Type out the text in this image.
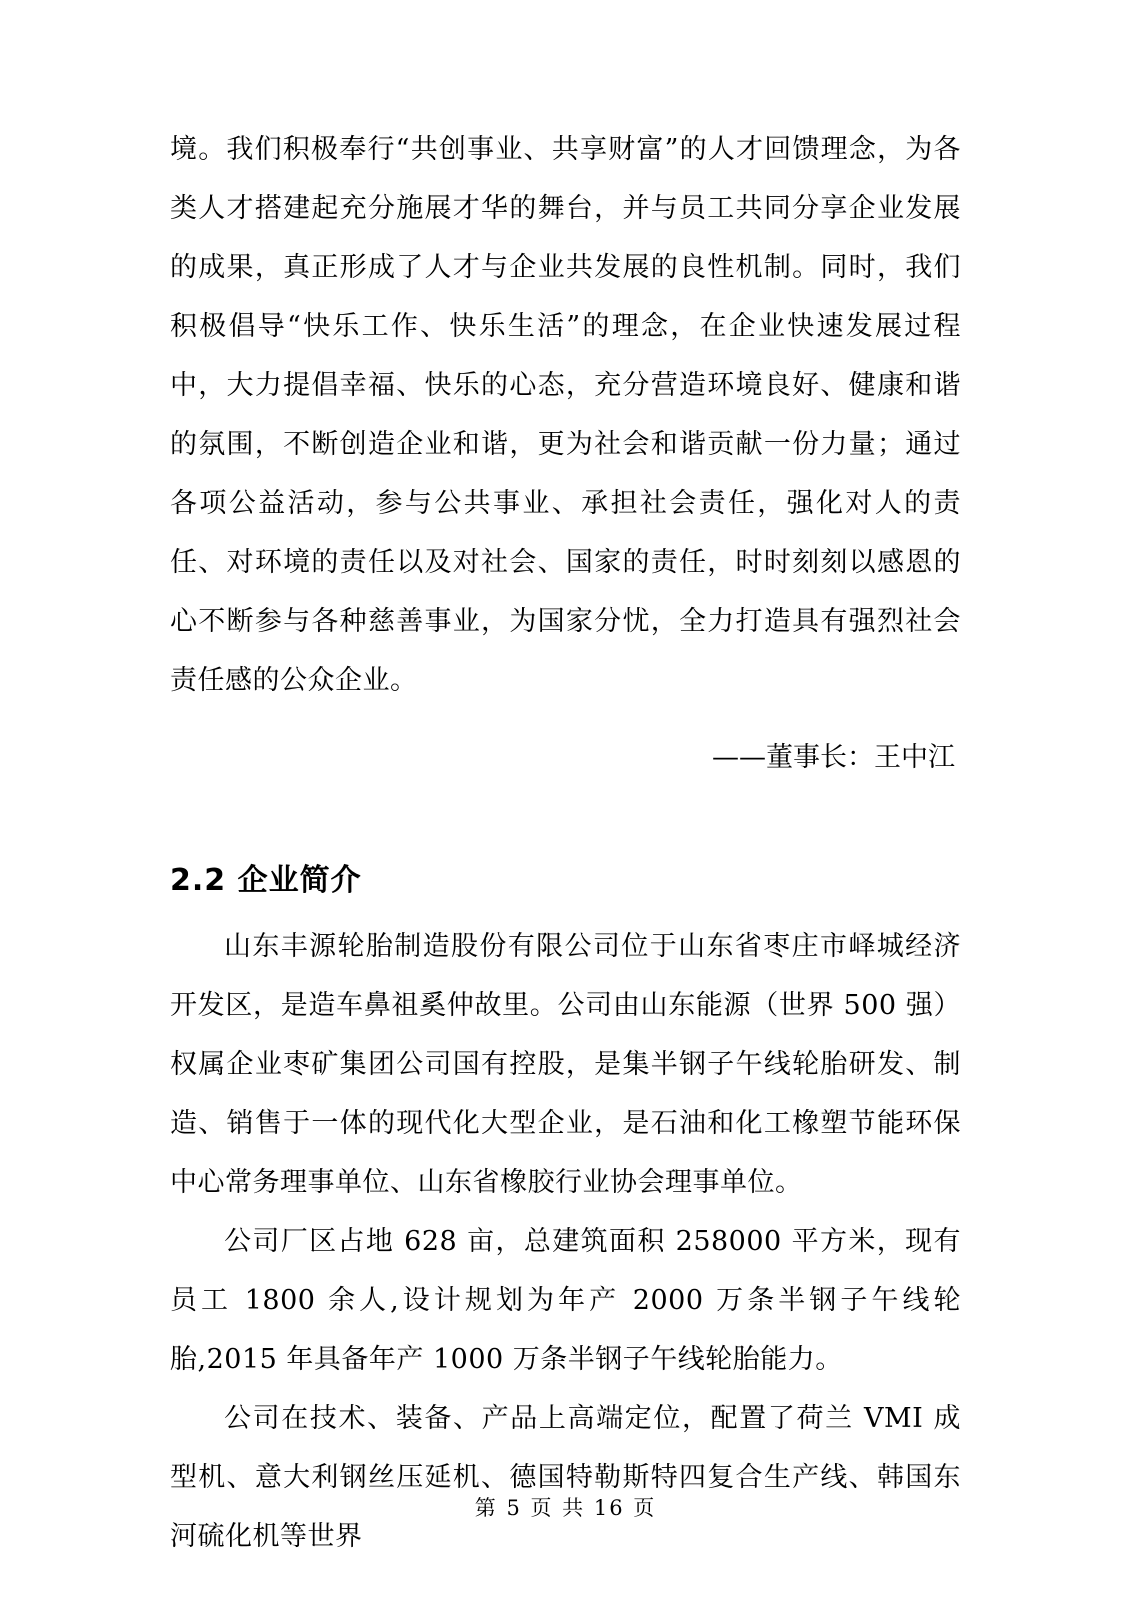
境。我们积极奉行“共创事业、共享财富”的人才回馈理念，为各类人才搭建起充分施展才华的舞台，并与员工共同分享企业发展的成果，真正形成了人才与企业共发展的良性机制。同时，我们积极倡导“快乐工作、快乐生活”的理念，在企业快速发展过程中，大力提倡幸福、快乐的心态，充分营造环境良好、健康和谐的氛围，不断创造企业和谐，更为社会和谐贡献一份力量；通过各项公益活动，参与公共事业、承担社会责任，强化对人的责任、对环境的责任以及对社会、国家的责任，时时刻刻以感恩的心不断参与各种慈善事业，为国家分忧，全力打造具有强烈社会责任感的公众企业。

——董事长：王中江
2.2 企业简介

山东丰源轮胎制造股份有限公司位于山东省枣庄市峄城经济开发区，是造车鼻祖奚仲故里。公司由山东能源（世界 500 强）权属企业枣矿集团公司国有控股，是集半钢子午线轮胎研发、制造、销售于一体的现代化大型企业，是石油和化工橡塑节能环保中心常务理事单位、山东省橡胶行业协会理事单位。

公司厂区占地 628 亩，总建筑面积 258000 平方米，现有员工 1800 余人,设计规划为年产 2000 万条半钢子午线轮胎,2015 年具备年产 1000 万条半钢子午线轮胎能力。

公司在技术、装备、产品上高端定位，配置了荷兰 VMI 成型机、意大利钢丝压延机、德国特勒斯特四复合生产线、韩国东河硫化机等世界

第 5 页 共 16 页
